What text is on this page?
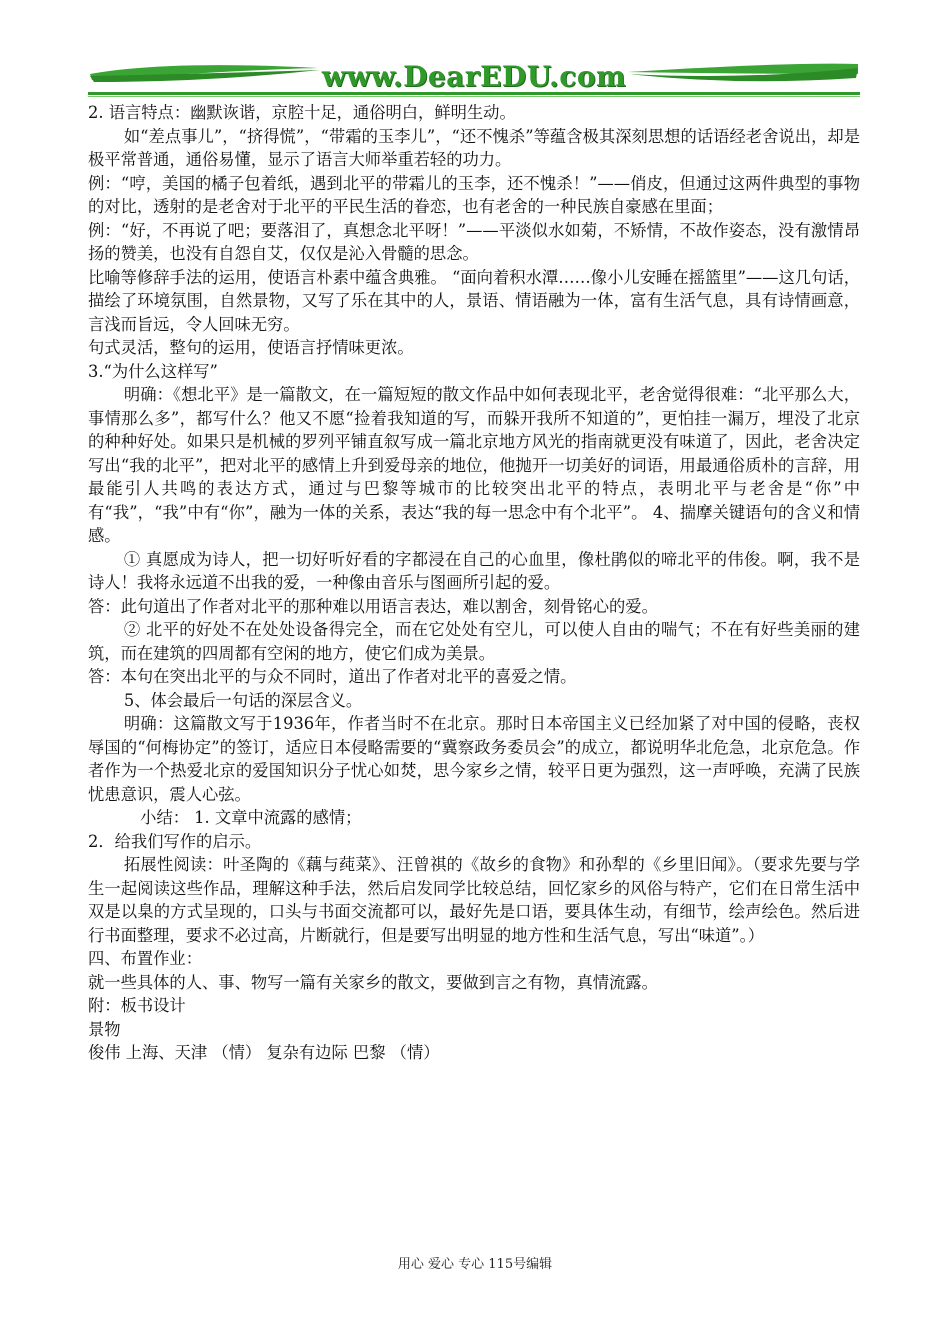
www.DearEDU.com

2. 语言特点：幽默诙谐，京腔十足，通俗明白，鲜明生动。

如“差点事儿”，“挤得慌”，“带霜的玉李儿”，“还不愧杀”等蕴含极其深刻思想的话语经老舍说出，却是极平常普通，通俗易懂，显示了语言大师举重若轻的功力。

例：“哼，美国的橘子包着纸，遇到北平的带霜儿的玉李，还不愧杀！”——俏皮，但通过这两件典型的事物的对比，透射的是老舍对于北平的平民生活的眷恋，也有老舍的一种民族自豪感在里面；

例：“好，不再说了吧；要落泪了，真想念北平呀！”——平淡似水如菊，不矫情，不故作姿态，没有激情昂扬的赞美，也没有自怨自艾，仅仅是沁入骨髓的思念。

比喻等修辞手法的运用，使语言朴素中蕴含典雅。 “面向着积水潭……像小儿安睡在摇篮里”——这几句话，描绘了环境氛围，自然景物，又写了乐在其中的人，景语、情语融为一体，富有生活气息，具有诗情画意，言浅而旨远，令人回味无穷。

句式灵活，整句的运用，使语言抒情味更浓。

3.“为什么这样写”

明确：《想北平》是一篇散文，在一篇短短的散文作品中如何表现北平，老舍觉得很难：“北平那么大，事情那么多”，都写什么？他又不愿“捡着我知道的写，而躲开我所不知道的”，更怕挂一漏万，埋没了北京的种种好处。如果只是机械的罗列平铺直叙写成一篇北京地方风光的指南就更没有味道了，因此，老舍决定写出“我的北平”，把对北平的感情上升到爱母亲的地位，他抛开一切美好的词语，用最通俗质朴的言辞，用最能引人共鸣的表达方式，通过与巴黎等城市的比较突出北平的特点，表明北平与老舍是“你”中有“我”，“我”中有“你”，融为一体的关系，表达“我的每一思念中有个北平”。 4、揣摩关键语句的含义和情感。

① 真愿成为诗人，把一切好听好看的字都浸在自己的心血里，像杜鹃似的啼北平的伟俊。啊，我不是诗人！我将永远道不出我的爱，一种像由音乐与图画所引起的爱。

答：此句道出了作者对北平的那种难以用语言表达，难以割舍，刻骨铭心的爱。

② 北平的好处不在处处设备得完全，而在它处处有空儿，可以使人自由的喘气；不在有好些美丽的建筑，而在建筑的四周都有空闲的地方，使它们成为美景。

答：本句在突出北平的与众不同时，道出了作者对北平的喜爱之情。

5、体会最后一句话的深层含义。

明确：这篇散文写于1936年，作者当时不在北京。那时日本帝国主义已经加紧了对中国的侵略，丧权辱国的“何梅协定”的签订，适应日本侵略需要的“冀察政务委员会”的成立，都说明华北危急，北京危急。作者作为一个热爱北京的爱国知识分子忧心如焚，思今家乡之情，较平日更为强烈，这一声呼唤，充满了民族忧患意识，震人心弦。

小结： 1. 文章中流露的感情；

2．给我们写作的启示。

拓展性阅读：叶圣陶的《藕与莼菜》、汪曾祺的《故乡的食物》和孙犁的《乡里旧闻》。（要求先要与学生一起阅读这些作品，理解这种手法，然后启发同学比较总结，回忆家乡的风俗与特产，它们在日常生活中双是以臬的方式呈现的，口头与书面交流都可以，最好先是口语，要具体生动，有细节，绘声绘色。然后进行书面整理，要求不必过高，片断就行，但是要写出明显的地方性和生活气息，写出“味道”。）

四、布置作业：

就一些具体的人、事、物写一篇有关家乡的散文，要做到言之有物，真情流露。

附：板书设计

景物

俊伟 上海、天津 （情） 复杂有边际 巴黎 （情）

用心 爱心 专心 115号编辑
